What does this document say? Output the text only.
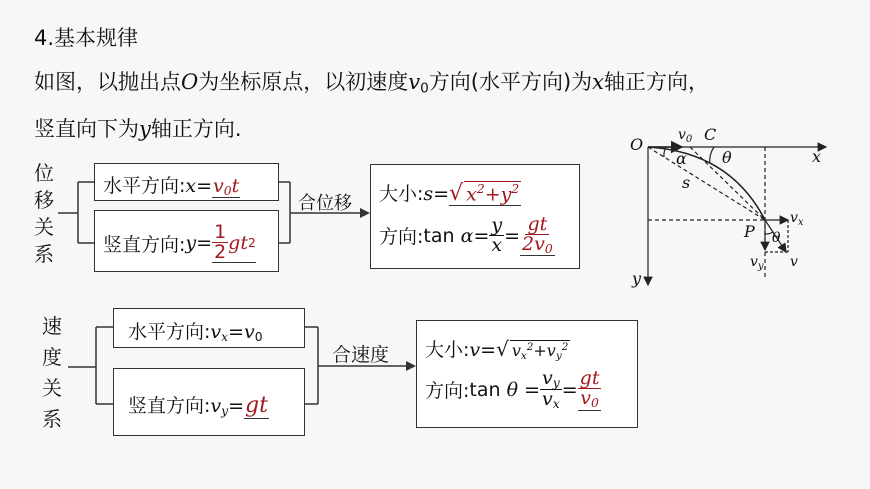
4.基本规律
如图，以抛出点O为坐标原点，以初速度$v_0$方向(水平方向)为x轴正方向，
竖直向下为y轴正方向.
位
移
关
系
水平方向$:x=v_0t$
竖直方向: $y = \frac{1}{2}$ gt 2
合位移 大小:s=√ $x^2+y^2$
方向: tan
$\alpha = \frac{y}{x} = \frac{gt}{2v_0}$
速
度
关
系
水平方向$:v_x=v_0$
竖直方向$:v_y=gt$
合速度 大小:v=√ $v_x^2+v_y^2$
方向: tan
θ
= $\frac{v_y}{v_x} = \frac{gt}{v_0}$
O $v_0$ C
θ	x
α
s
$v_x$
P θ
$v_y$ v
y
